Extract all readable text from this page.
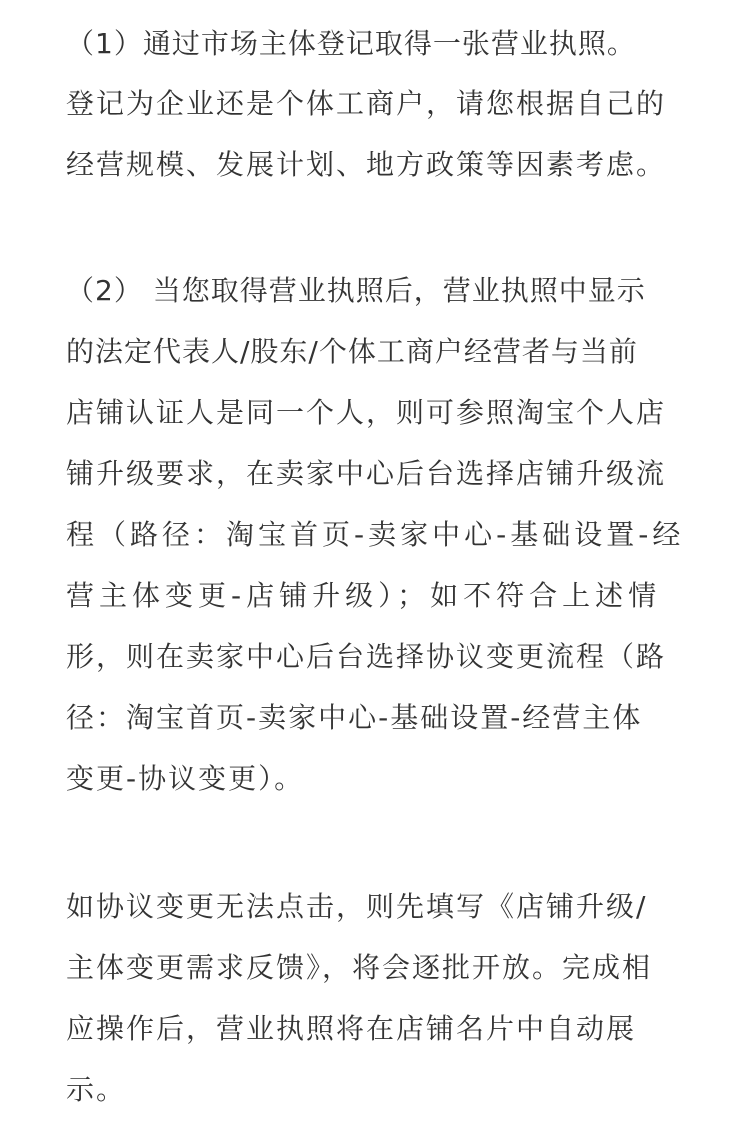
（1）通过市场主体登记取得一张营业执照。
登记为企业还是个体工商户，请您根据自己的
经营规模、发展计划、地方政策等因素考虑。
（2） 当您取得营业执照后，营业执照中显示
的法定代表人/股东/个体工商户经营者与当前
店铺认证人是同一个人，则可参照淘宝个人店
铺升级要求，在卖家中心后台选择店铺升级流
程（路径：淘宝首页-卖家中心-基础设置-经
营主体变更-店铺升级）；如不符合上述情
形，则在卖家中心后台选择协议变更流程（路
径：淘宝首页-卖家中心-基础设置-经营主体
变更-协议变更）。
如协议变更无法点击，则先填写《店铺升级/
主体变更需求反馈》，将会逐批开放。完成相
应操作后，营业执照将在店铺名片中自动展
示。
